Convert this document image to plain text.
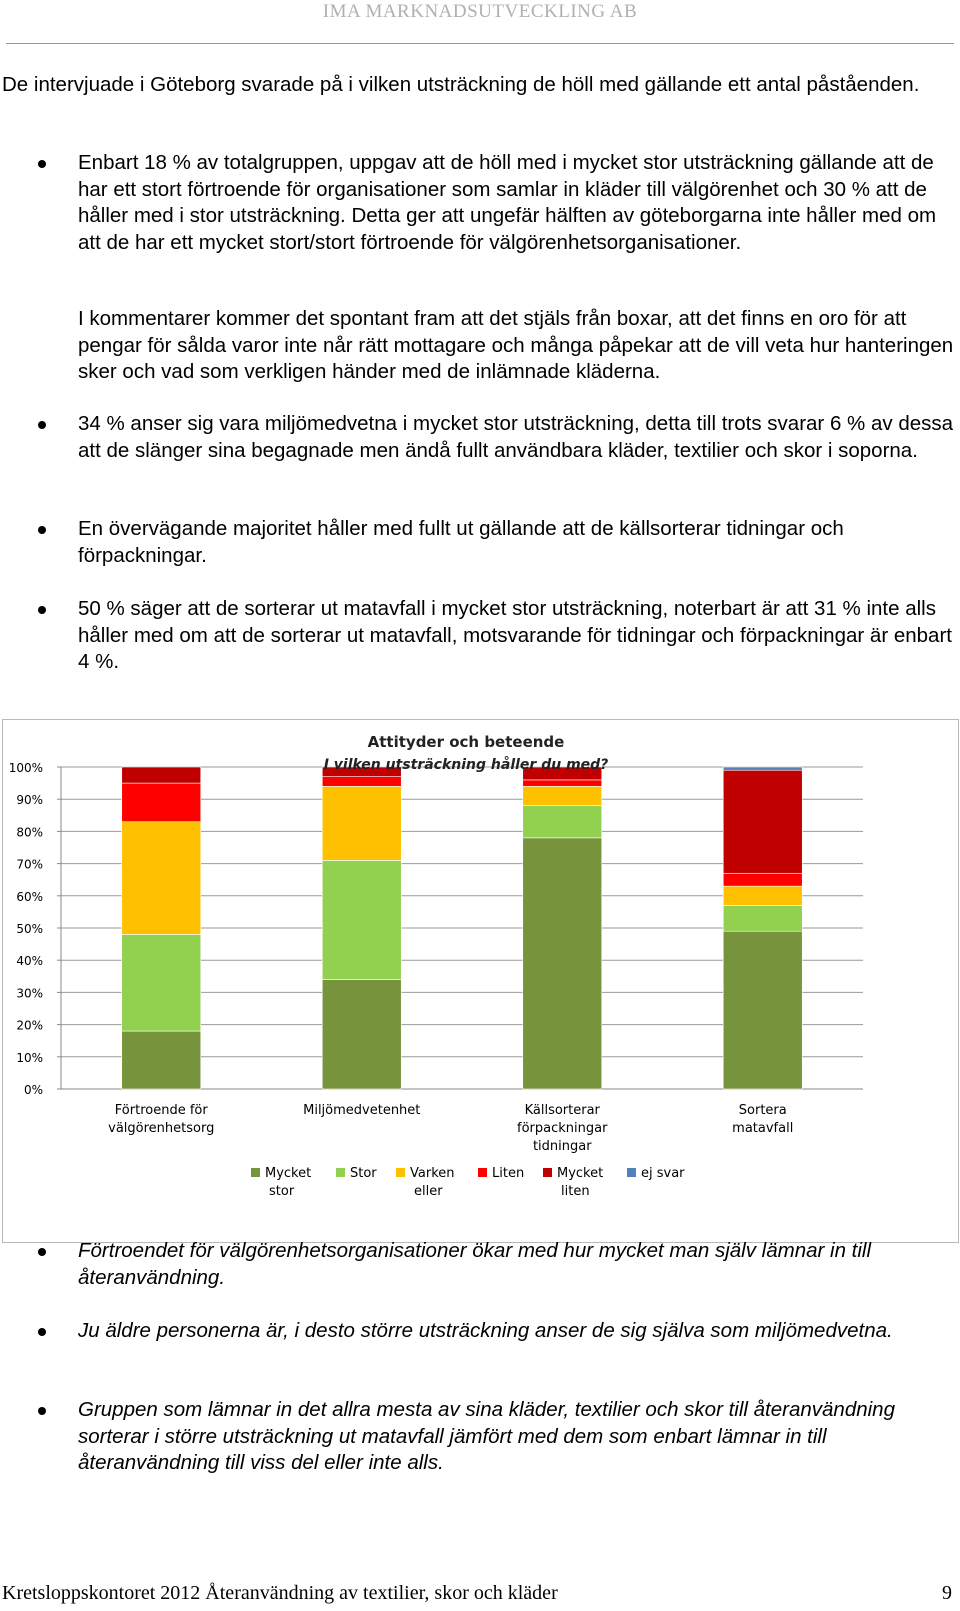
IMA MARKNADSUTVECKLING AB
De intervjuade i Göteborg svarade på i vilken utsträckning de höll med gällande ett antal påståenden.
Enbart 18 % av totalgruppen, uppgav att de höll med i mycket stor utsträckning gällande att de har ett stort förtroende för organisationer som samlar in kläder till välgörenhet och 30 % att de håller med i stor utsträckning. Detta ger att ungefär hälften av göteborgarna inte håller med om att de har ett mycket stort/stort förtroende för välgörenhetsorganisationer.
I kommentarer kommer det spontant fram att det stjäls från boxar, att det finns en oro för att pengar för sålda varor inte når rätt mottagare och många påpekar att de vill veta hur hanteringen sker och vad som verkligen händer med de inlämnade kläderna.
34 % anser sig vara miljömedvetna i mycket stor utsträckning, detta till trots svarar 6 % av dessa att de slänger sina begagnade men ändå fullt användbara kläder, textilier och skor i soporna.
En övervägande majoritet håller med fullt ut gällande att de källsorterar tidningar och förpackningar.
50 % säger att de sorterar ut matavfall i mycket stor utsträckning, noterbart är att 31 % inte alls håller med om att de sorterar ut matavfall, motsvarande för tidningar och förpackningar är enbart 4 %.
Attityder och beteende
I vilken utsträckning håller du med?
0%
10%
20%
30%
40%
50%
60%
70%
80%
90%
100%
Förtroende för välgörenhetsorg
Miljömedvetenhet	Källsorterar förpackningar tidningar
Sortera matavfall
Mycket stor
Stor	Varken eller
Liten	Mycket liten
ej svar
Förtroendet för välgörenhetsorganisationer ökar med hur mycket man själv lämnar in till återanvändning.
Ju äldre personerna är, i desto större utsträckning anser de sig själva som miljömedvetna.
Gruppen som lämnar in det allra mesta av sina kläder, textilier och skor till återanvändning sorterar i större utsträckning ut matavfall jämfört med dem som enbart lämnar in till återanvändning till viss del eller inte alls.
Kretsloppskontoret 2012 Återanvändning av textilier, skor och kläder	9
